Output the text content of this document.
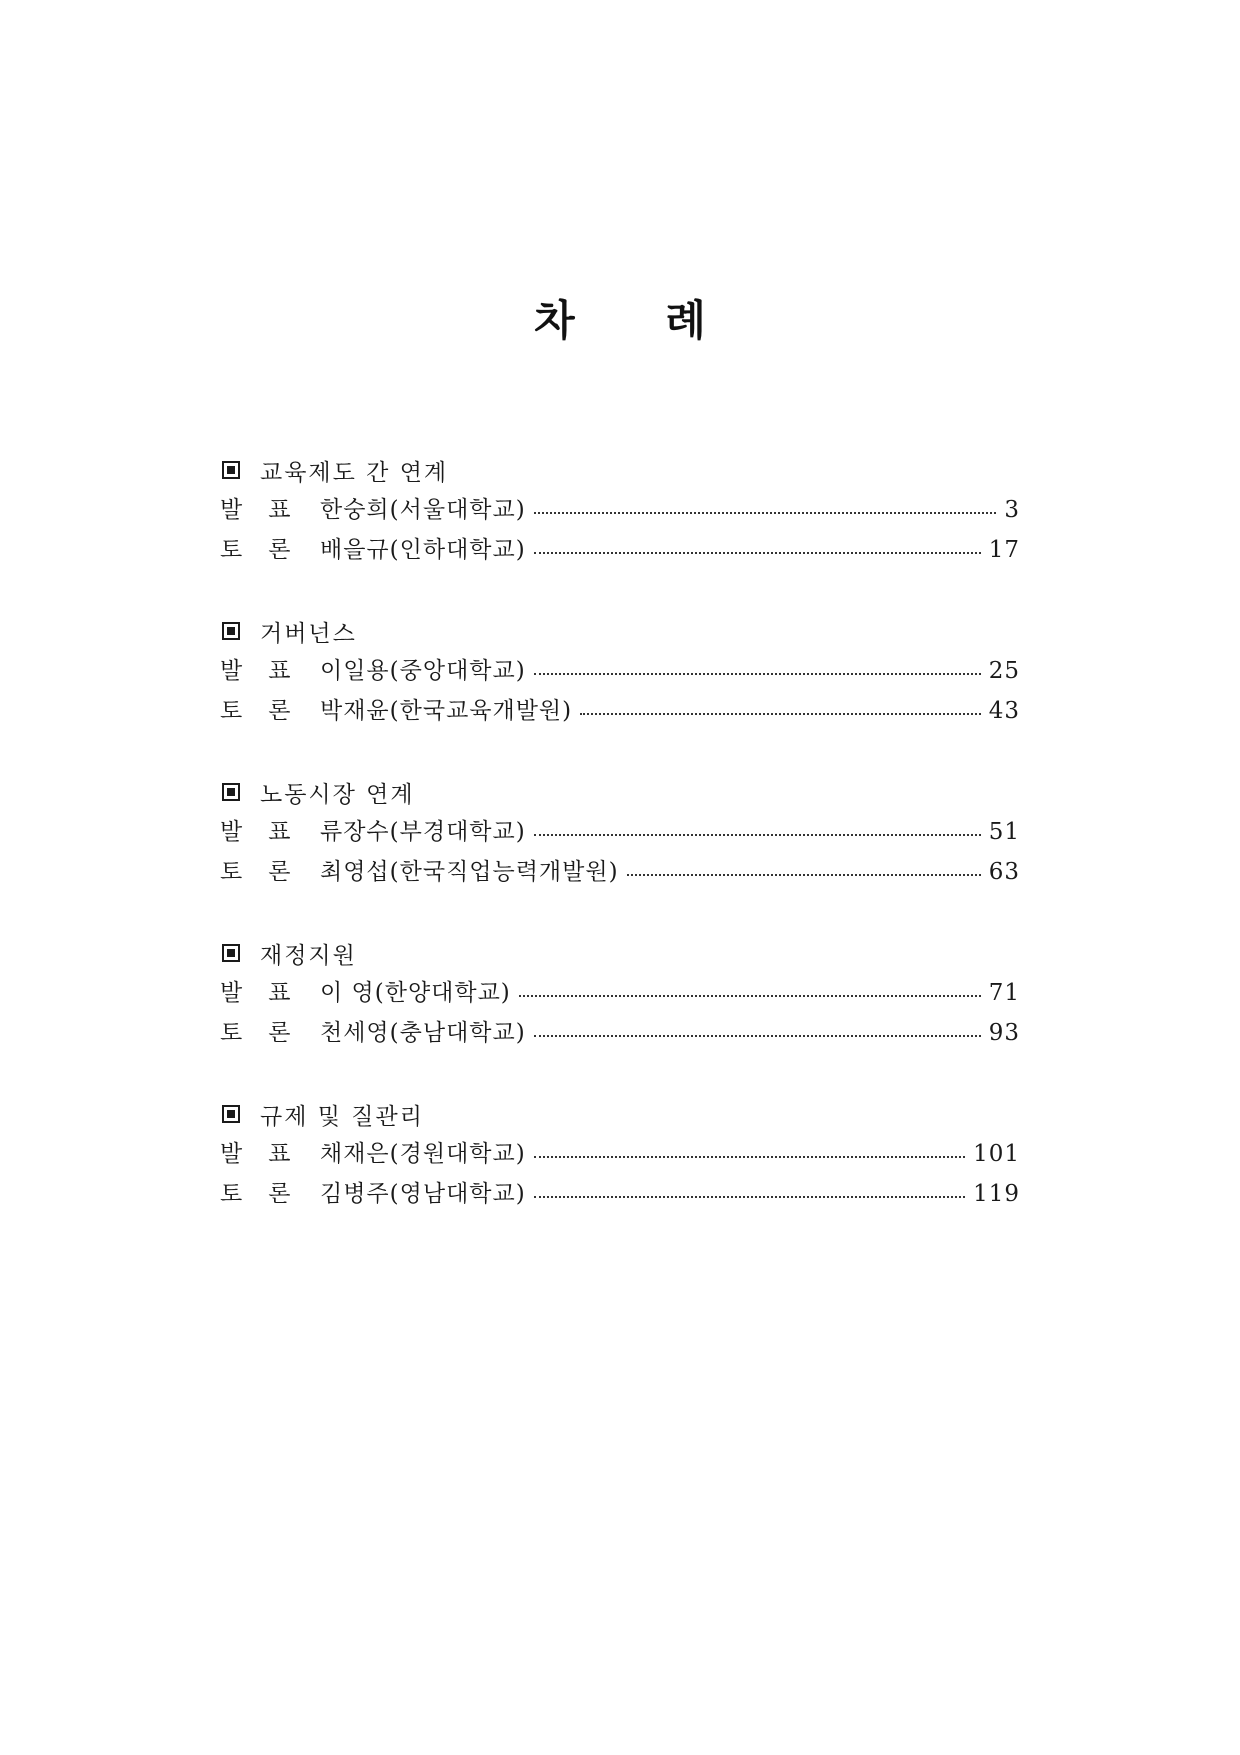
차 례
교육제도 간 연계
발표 한숭희(서울대학교)	3
토론 배을규(인하대학교)	17
거버넌스
발표 이일용(중앙대학교)	25
토론 박재윤(한국교육개발원)	43
노동시장 연계
발표 류장수(부경대학교)	51
토론 최영섭(한국직업능력개발원)	63
재정지원
발표 이 영(한양대학교)	71
토론 천세영(충남대학교)	93
규제 및 질관리
발표 채재은(경원대학교)	101
토론 김병주(영남대학교)	119
